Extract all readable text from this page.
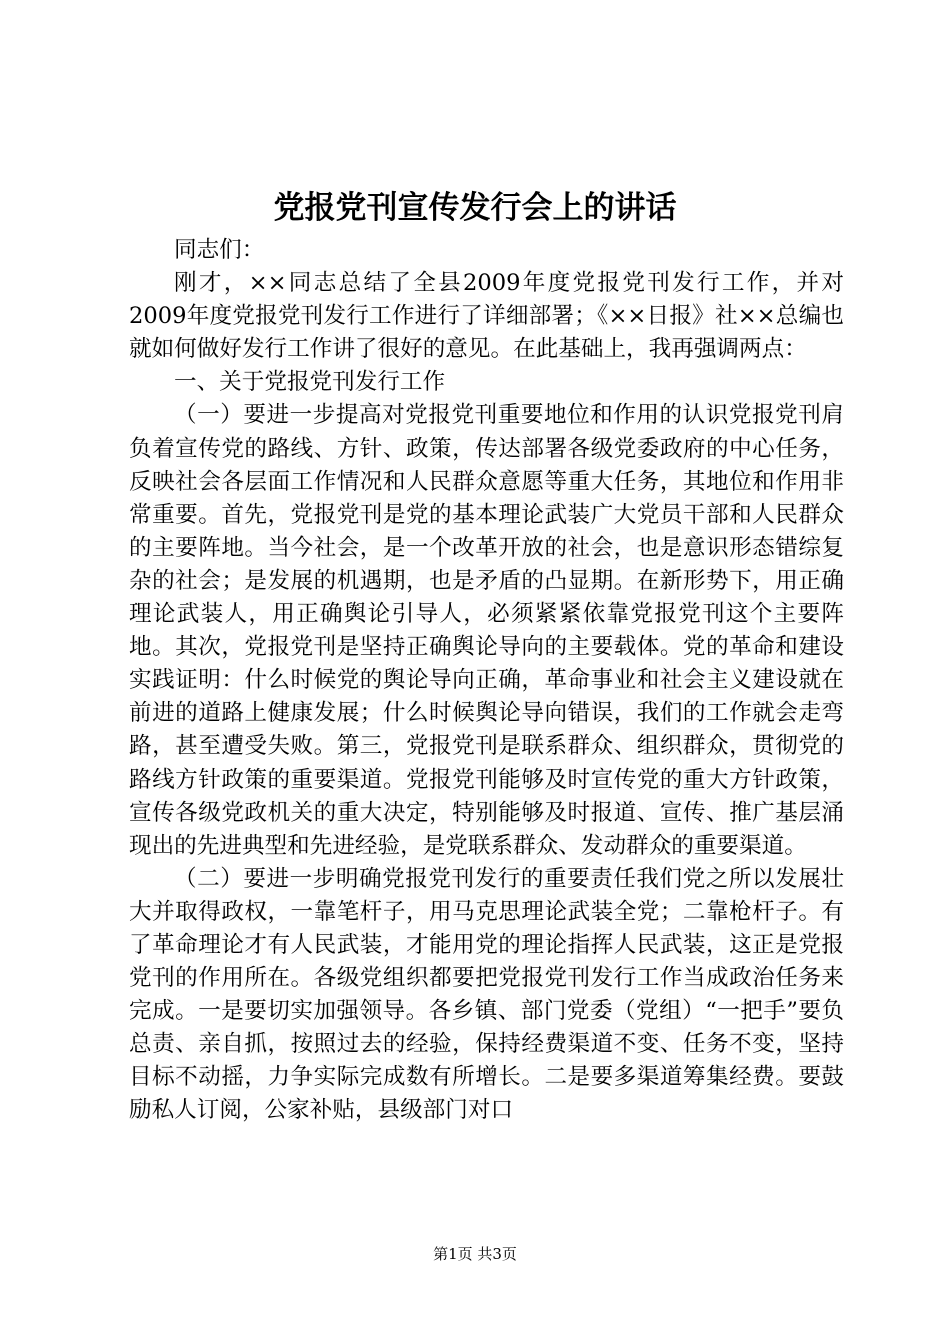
党报党刊宣传发行会上的讲话

同志们：

刚才，××同志总结了全县2009年度党报党刊发行工作，并对2009年度党报党刊发行工作进行了详细部署；《××日报》社××总编也就如何做好发行工作讲了很好的意见。在此基础上，我再强调两点：

一、关于党报党刊发行工作

（一）要进一步提高对党报党刊重要地位和作用的认识党报党刊肩负着宣传党的路线、方针、政策，传达部署各级党委政府的中心任务，反映社会各层面工作情况和人民群众意愿等重大任务，其地位和作用非常重要。首先，党报党刊是党的基本理论武装广大党员干部和人民群众的主要阵地。当今社会，是一个改革开放的社会，也是意识形态错综复杂的社会；是发展的机遇期，也是矛盾的凸显期。在新形势下，用正确理论武装人，用正确舆论引导人，必须紧紧依靠党报党刊这个主要阵地。其次，党报党刊是坚持正确舆论导向的主要载体。党的革命和建设实践证明：什么时候党的舆论导向正确，革命事业和社会主义建设就在前进的道路上健康发展；什么时候舆论导向错误，我们的工作就会走弯路，甚至遭受失败。第三，党报党刊是联系群众、组织群众，贯彻党的路线方针政策的重要渠道。党报党刊能够及时宣传党的重大方针政策，宣传各级党政机关的重大决定，特别能够及时报道、宣传、推广基层涌现出的先进典型和先进经验，是党联系群众、发动群众的重要渠道。

（二）要进一步明确党报党刊发行的重要责任我们党之所以发展壮大并取得政权，一靠笔杆子，用马克思理论武装全党；二靠枪杆子。有了革命理论才有人民武装，才能用党的理论指挥人民武装，这正是党报党刊的作用所在。各级党组织都要把党报党刊发行工作当成政治任务来完成。一是要切实加强领导。各乡镇、部门党委（党组）“一把手”要负总责、亲自抓，按照过去的经验，保持经费渠道不变、任务不变，坚持目标不动摇，力争实际完成数有所增长。二是要多渠道筹集经费。要鼓励私人订阅，公家补贴，县级部门对口

第1页 共3页
